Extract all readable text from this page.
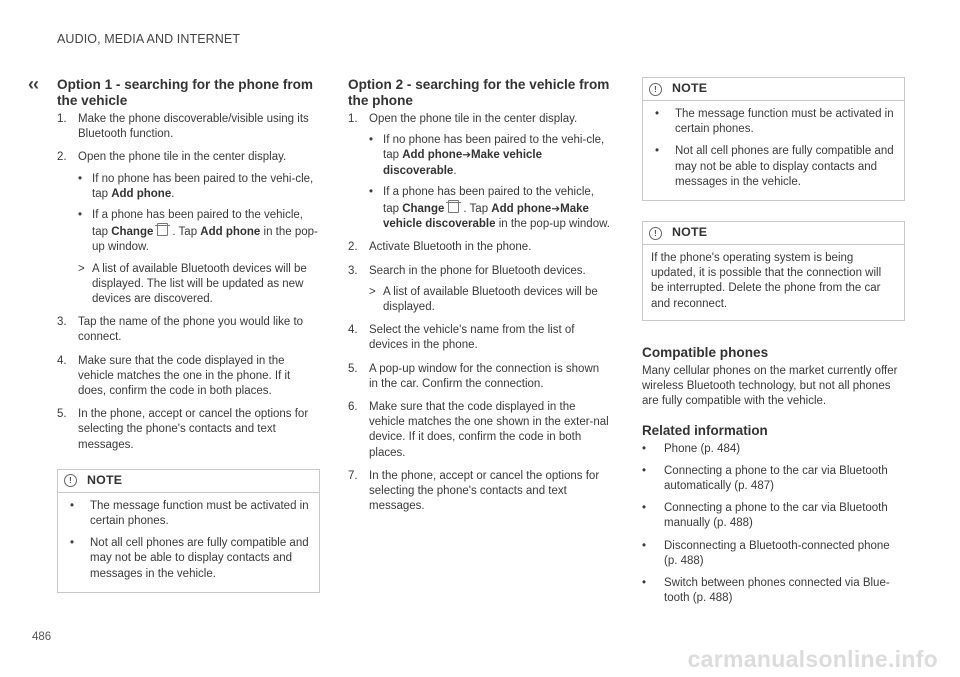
AUDIO, MEDIA AND INTERNET
‹‹ Option 1 - searching for the phone from the vehicle
1. Make the phone discoverable/visible using its Bluetooth function.
2. Open the phone tile in the center display.
• If no phone has been paired to the vehi-cle, tap Add phone.
• If a phone has been paired to the vehicle, tap Change . Tap Add phone in the pop-up window.
> A list of available Bluetooth devices will be displayed. The list will be updated as new devices are discovered.
3. Tap the name of the phone you would like to connect.
4. Make sure that the code displayed in the vehicle matches the one in the phone. If it does, confirm the code in both places.
5. In the phone, accept or cancel the options for selecting the phone's contacts and text messages.
!	NOTE
• The message function must be activated in certain phones.
• Not all cell phones are fully compatible and may not be able to display contacts and messages in the vehicle.
Option 2 - searching for the vehicle from the phone
1. Open the phone tile in the center display.
• If no phone has been paired to the vehi-cle, tap Add phone➔Make vehicle discoverable.
• If a phone has been paired to the vehicle, tap Change . Tap Add phone➔Make vehicle discoverable in the pop-up window.
2. Activate Bluetooth in the phone.
3. Search in the phone for Bluetooth devices.
> A list of available Bluetooth devices will be displayed.
4. Select the vehicle's name from the list of devices in the phone.
5. A pop-up window for the connection is shown in the car. Confirm the connection.
6. Make sure that the code displayed in the vehicle matches the one shown in the exter-nal device. If it does, confirm the code in both places.
7. In the phone, accept or cancel the options for selecting the phone's contacts and text messages.
!	NOTE
• The message function must be activated in certain phones.
• Not all cell phones are fully compatible and may not be able to display contacts and messages in the vehicle.
!	NOTE

If the phone's operating system is being updated, it is possible that the connection will be interrupted. Delete the phone from the car and reconnect.

Compatible phones

Many cellular phones on the market currently offer wireless Bluetooth technology, but not all phones are fully compatible with the vehicle.

Related information
• Phone (p. 484)
• Connecting a phone to the car via Bluetooth automatically (p. 487)
• Connecting a phone to the car via Bluetooth manually (p. 488)
• Disconnecting a Bluetooth-connected phone (p. 488)
• Switch between phones connected via Blue-tooth (p. 488)
486
carmanualsonline.info
